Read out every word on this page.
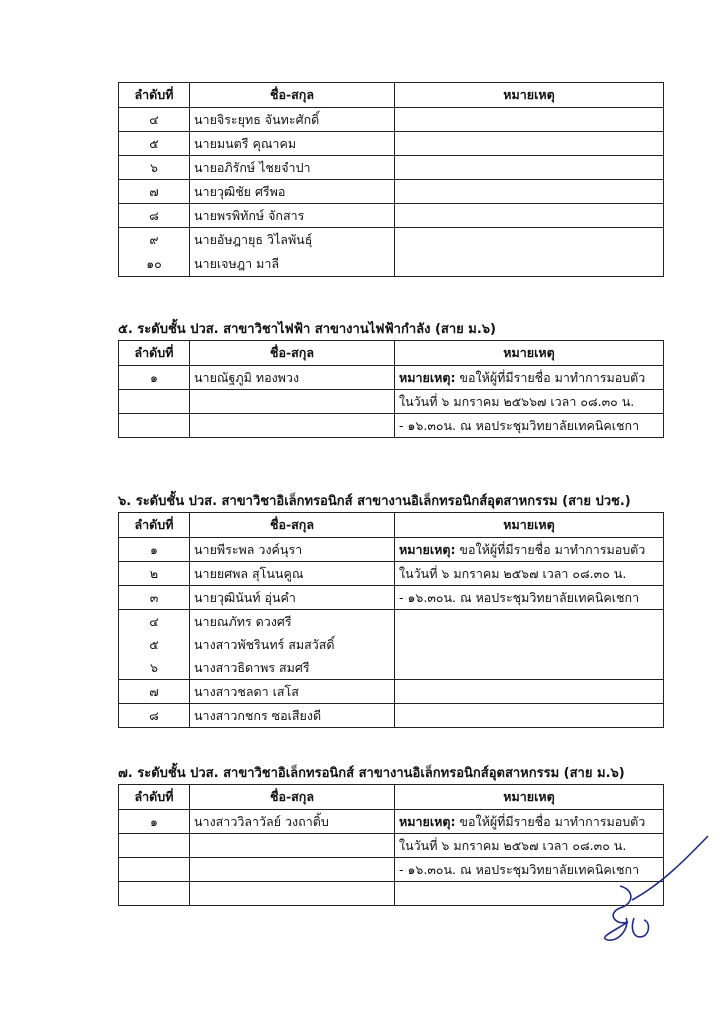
ลำดับที่	ชื่อ-สกุล	หมายเหตุ
๔	นายจิระยุทธ จันทะศักดิ์	
๕	นายมนตรี คุณาคม	
๖	นายอภิรักษ์ ไชยจำปา	
๗	นายวุฒิชัย ศรีพอ	
๘	นายพรพิทักษ์ จักสาร	
๙	นายอัษฎายุธ วิไลพันธุ์	
๑๐	นายเจษฎา มาลี	
๕. ระดับชั้น ปวส. สาขาวิชาไฟฟ้า สาขางานไฟฟ้ากำลัง (สาย ม.๖)
ลำดับที่	ชื่อ-สกุล	หมายเหตุ
๑	นายณัฐภูมิ ทองพวง	หมายเหตุ: ขอให้ผู้ที่มีรายชื่อ มาทำการมอบตัว
		ในวันที่ ๖ มกราคม ๒๕๖๖๗ เวลา ๐๘.๓๐ น.
		- ๑๖.๓๐น. ณ หอประชุมวิทยาลัยเทคนิคเชกา
๖. ระดับชั้น ปวส. สาขาวิชาอิเล็กทรอนิกส์ สาขางานอิเล็กทรอนิกส์อุตสาหกรรม (สาย ปวช.)
ลำดับที่	ชื่อ-สกุล	หมายเหตุ
๑	นายพีระพล วงค์นุรา	หมายเหตุ: ขอให้ผู้ที่มีรายชื่อ มาทำการมอบตัว
๒	นายยศพล สุโนนคูณ	ในวันที่ ๖ มกราคม ๒๕๖๗ เวลา ๐๘.๓๐ น.
๓	นายวุฒินันท์ อุ่นคำ	- ๑๖.๓๐น. ณ หอประชุมวิทยาลัยเทคนิคเชกา
๔	นายณภัทร ดวงศรี	
๕	นางสาวพัชรินทร์ สมสวัสดิ์	
๖	นางสาวธิดาพร สมศรี	
๗	นางสาวชลดา เสโส	
๘	นางสาวกชกร ซอเสียงดี	
๗. ระดับชั้น ปวส. สาขาวิชาอิเล็กทรอนิกส์ สาขางานอิเล็กทรอนิกส์อุตสาหกรรม (สาย ม.๖)
ลำดับที่	ชื่อ-สกุล	หมายเหตุ
๑	นางสาววิลาวัลย์ วงถาติ้บ	หมายเหตุ: ขอให้ผู้ที่มีรายชื่อ มาทำการมอบตัว
		ในวันที่ ๖ มกราคม ๒๕๖๗ เวลา ๐๘.๓๐ น.
		- ๑๖.๓๐น. ณ หอประชุมวิทยาลัยเทคนิคเชกา
